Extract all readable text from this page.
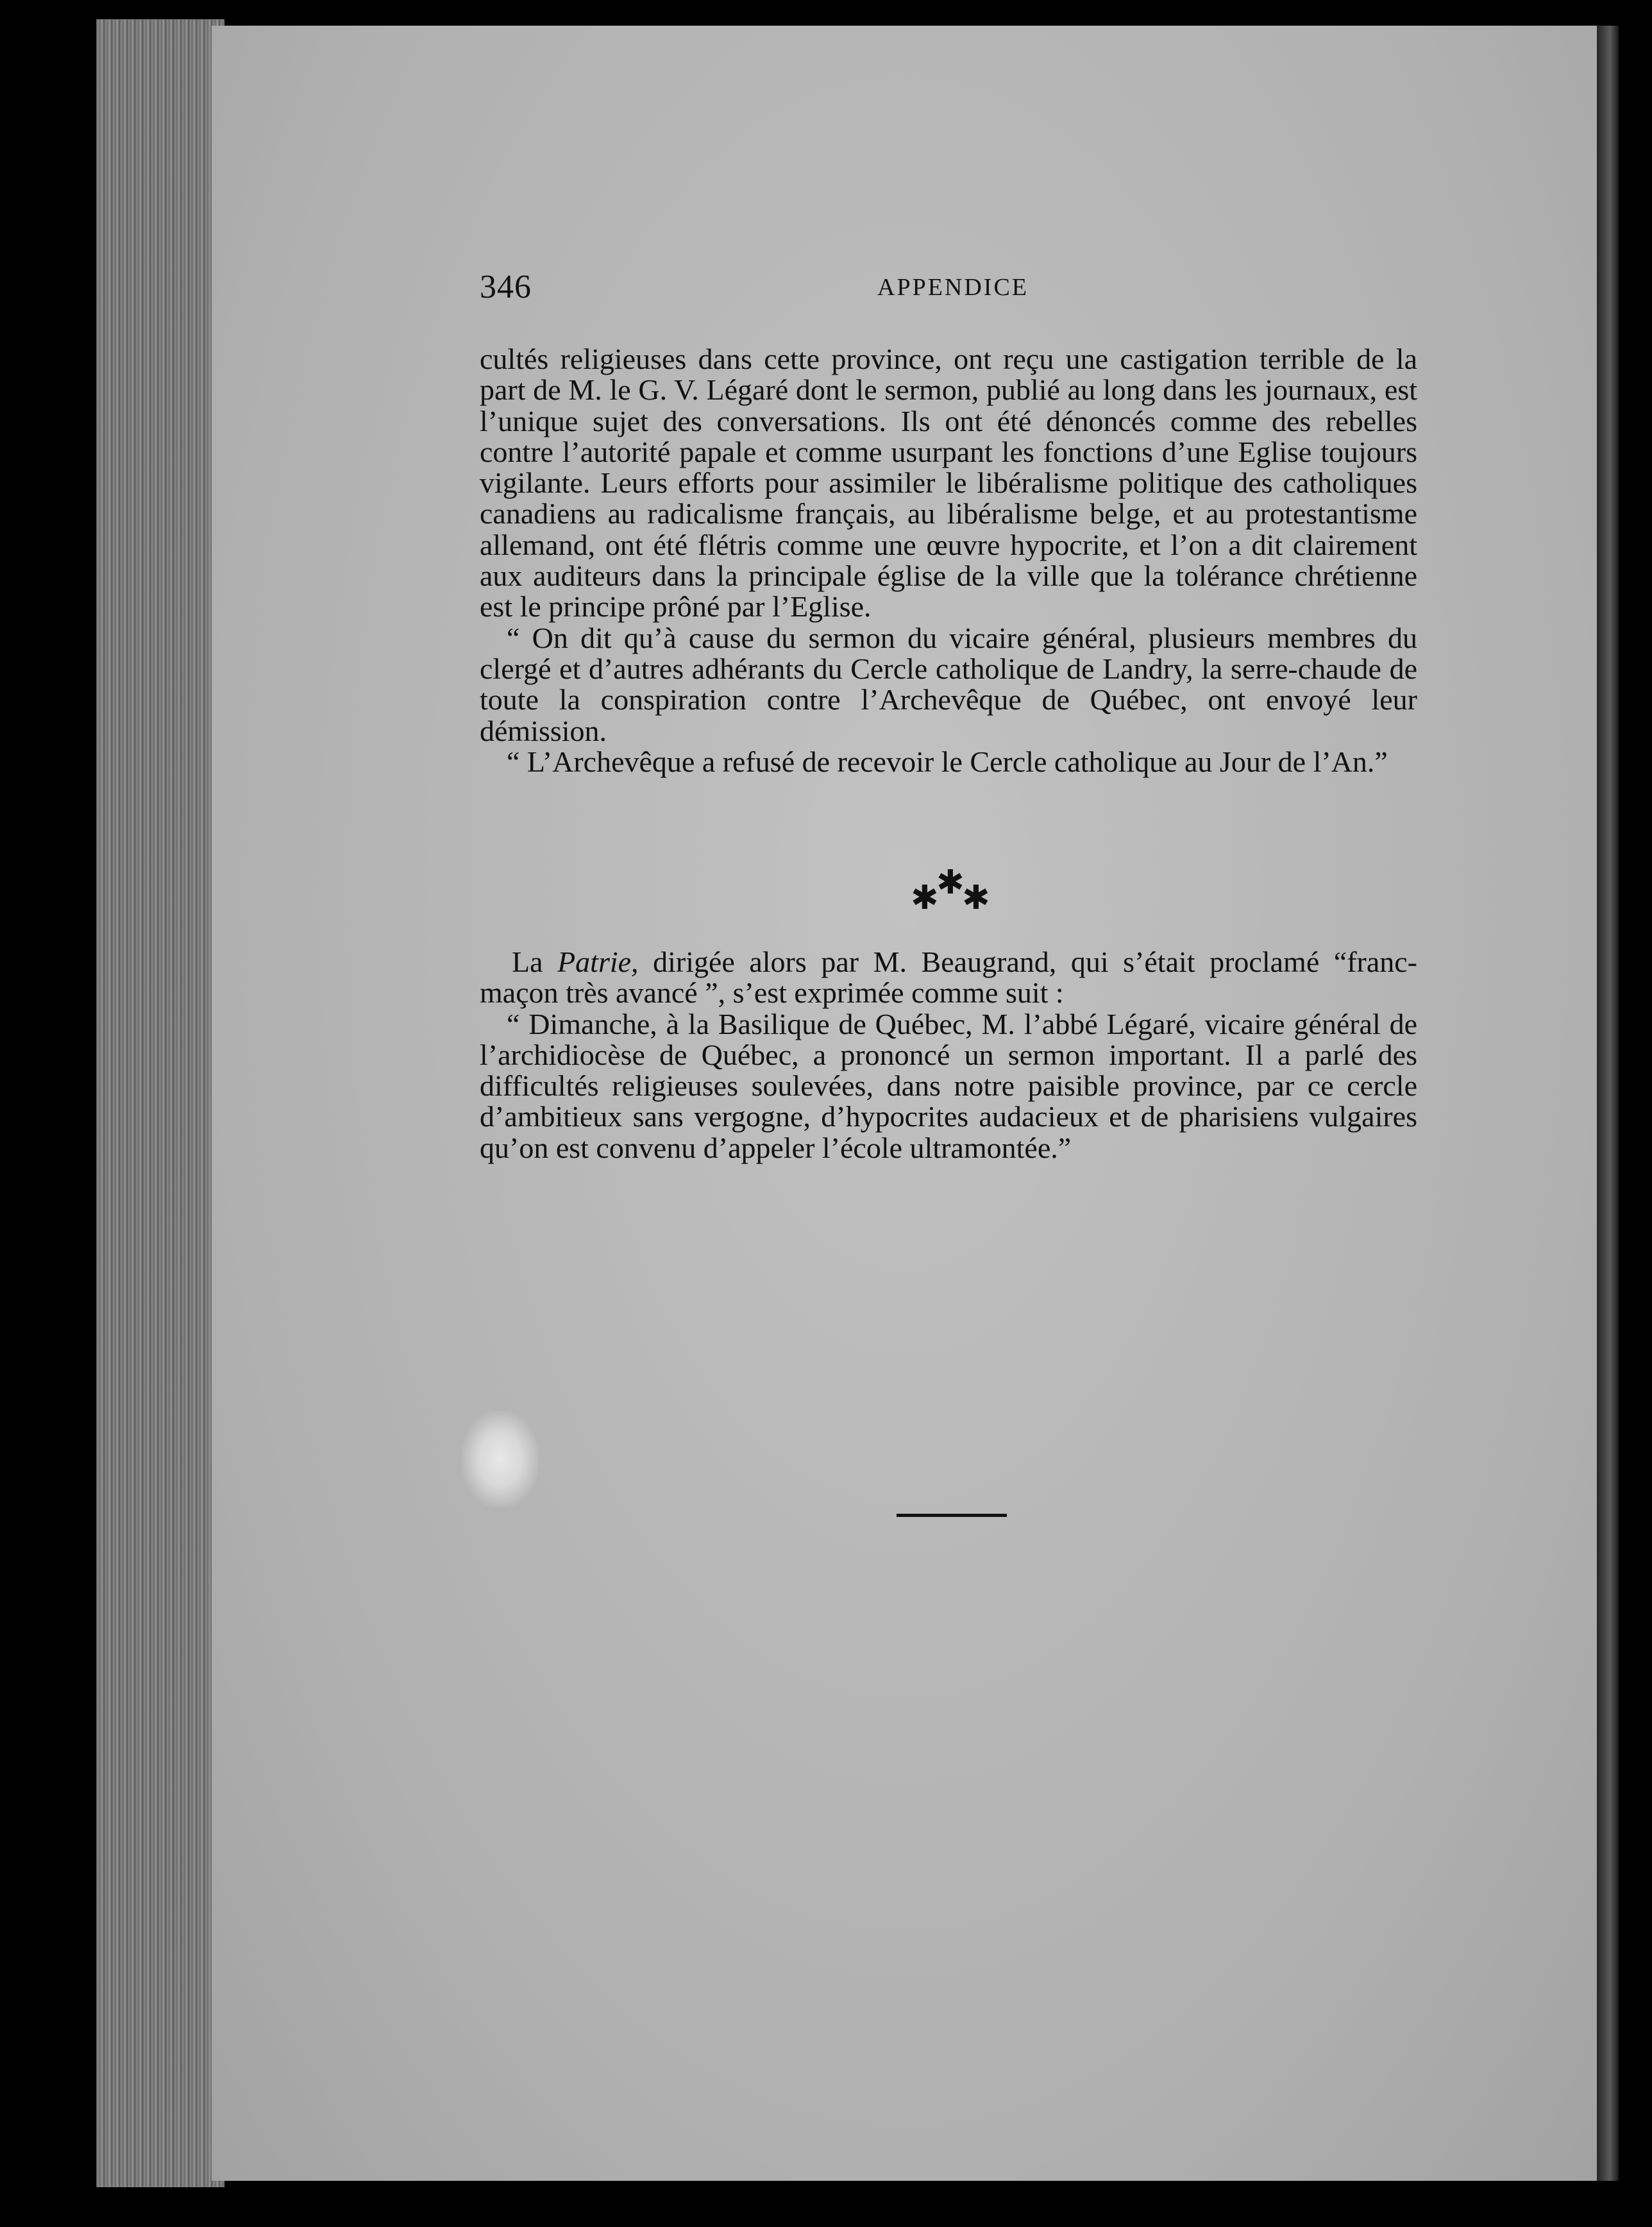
346	APPENDICE

cultés religieuses dans cette province, ont reçu une castigation terrible de la part de M. le G. V. Légaré dont le sermon, publié au long dans les journaux, est l’unique sujet des conversations. Ils ont été dénoncés comme des rebelles contre l’autorité papale et comme usurpant les fonctions d’une Eglise toujours vigilante. Leurs efforts pour assimiler le libéralisme politique des catholiques canadiens au radicalisme français, au libéralisme belge, et au protestantisme allemand, ont été flétris comme une œuvre hypocrite, et l’on a dit clairement aux auditeurs dans la principale église de la ville que la tolérance chrétienne est le principe prôné par l’Eglise.

“ On dit qu’à cause du sermon du vicaire général, plusieurs membres du clergé et d’autres adhérants du Cercle catholique de Landry, la serre-chaude de toute la conspiration contre l’Archevêque de Québec, ont envoyé leur démission.

“ L’Archevêque a refusé de recevoir le Cercle catholique au Jour de l’An.”

✱
✱
✱

La Patrie, dirigée alors par M. Beaugrand, qui s’était proclamé “franc-maçon très avancé ”, s’est exprimée comme suit :

“ Dimanche, à la Basilique de Québec, M. l’abbé Légaré, vicaire général de l’archidiocèse de Québec, a prononcé un sermon important. Il a parlé des difficultés religieuses soulevées, dans notre paisible province, par ce cercle d’ambitieux sans vergogne, d’hypocrites audacieux et de pharisiens vulgaires qu’on est convenu d’appeler l’école ultramontée.”
